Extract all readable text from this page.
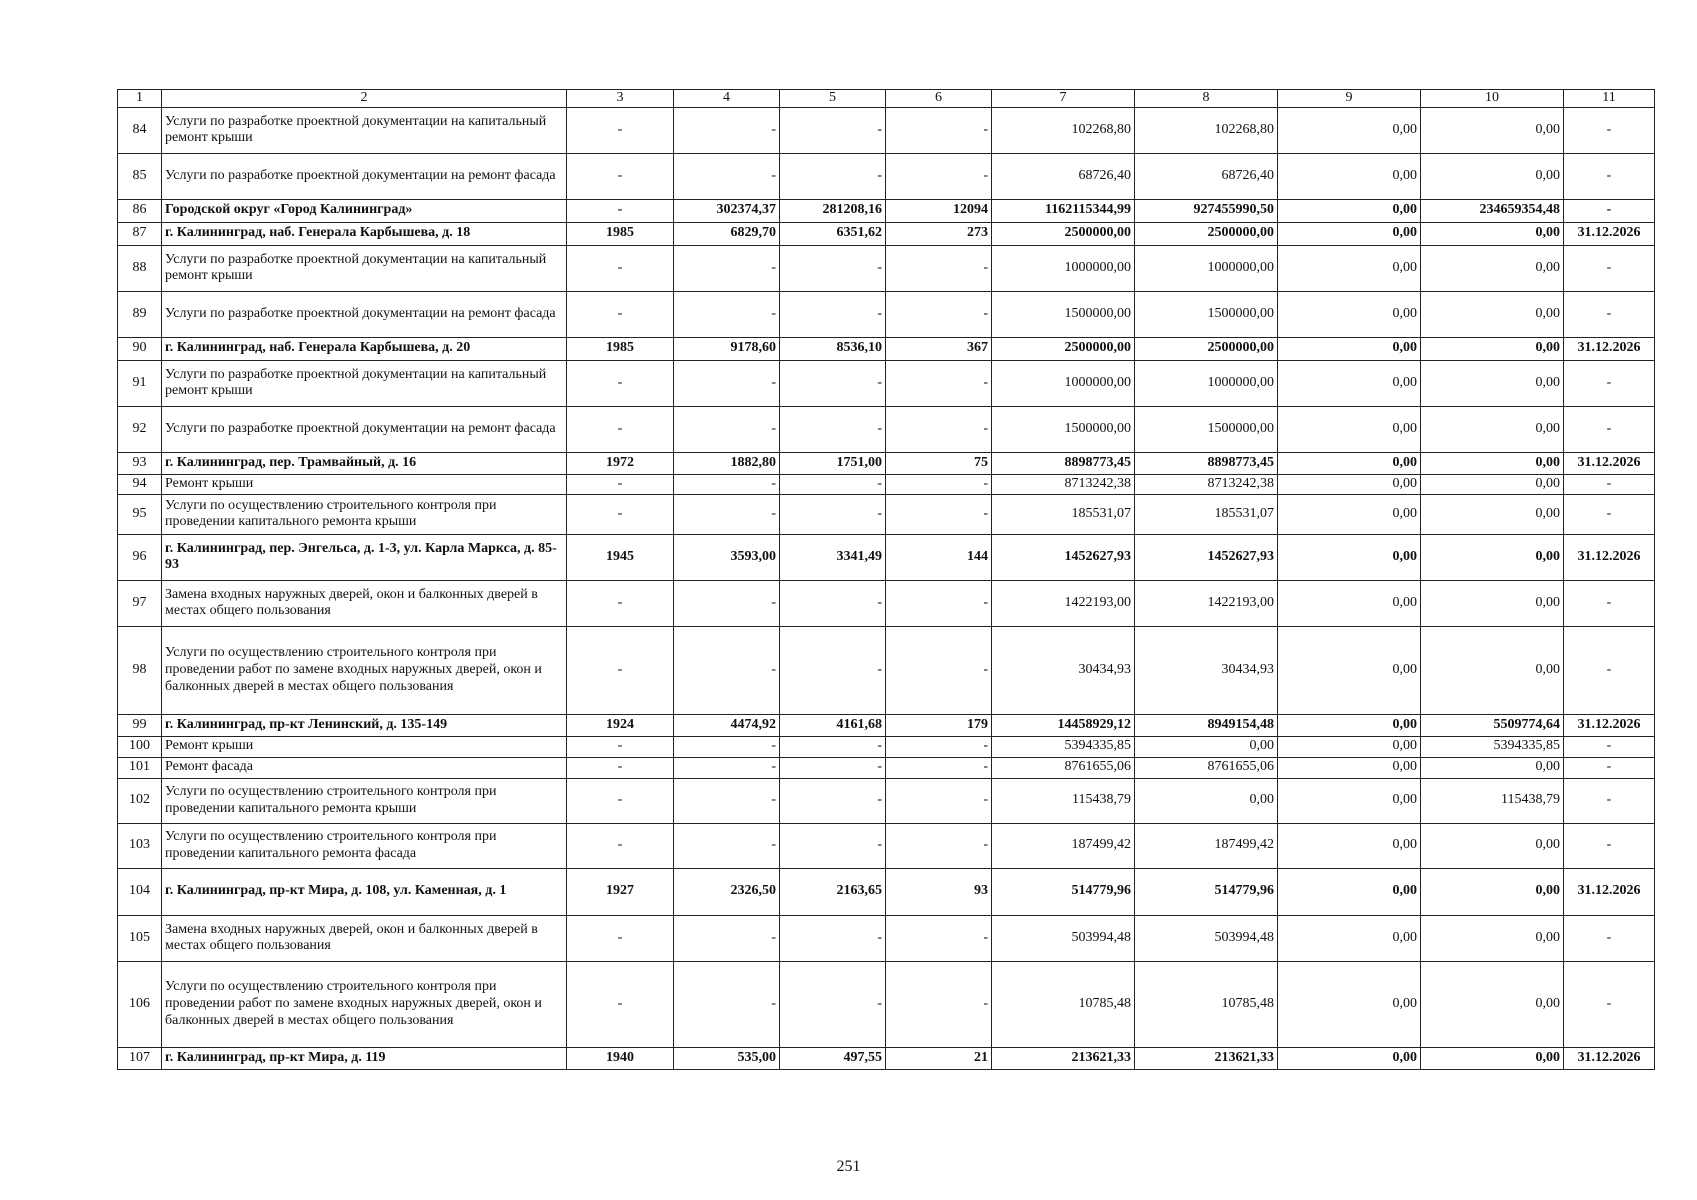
1	2	3	4	5	6	7	8	9	10	11
84	Услуги по разработке проектной документации на капитальный ремонт крыши	-	-	-	-	102268,80	102268,80	0,00	0,00	-
85	Услуги по разработке проектной документации на ремонт фасада	-	-	-	-	68726,40	68726,40	0,00	0,00	-
86	Городской округ «Город Калининград»	-	302374,37	281208,16	12094	1162115344,99	927455990,50	0,00	234659354,48	-
87	г. Калининград, наб. Генерала Карбышева, д. 18	1985	6829,70	6351,62	273	2500000,00	2500000,00	0,00	0,00	31.12.2026
88	Услуги по разработке проектной документации на капитальный ремонт крыши	-	-	-	-	1000000,00	1000000,00	0,00	0,00	-
89	Услуги по разработке проектной документации на ремонт фасада	-	-	-	-	1500000,00	1500000,00	0,00	0,00	-
90	г. Калининград, наб. Генерала Карбышева, д. 20	1985	9178,60	8536,10	367	2500000,00	2500000,00	0,00	0,00	31.12.2026
91	Услуги по разработке проектной документации на капитальный ремонт крыши	-	-	-	-	1000000,00	1000000,00	0,00	0,00	-
92	Услуги по разработке проектной документации на ремонт фасада	-	-	-	-	1500000,00	1500000,00	0,00	0,00	-
93	г. Калининград, пер. Трамвайный, д. 16	1972	1882,80	1751,00	75	8898773,45	8898773,45	0,00	0,00	31.12.2026
94	Ремонт крыши	-	-	-	-	8713242,38	8713242,38	0,00	0,00	-
95	Услуги по осуществлению строительного контроля при проведении капитального ремонта крыши	-	-	-	-	185531,07	185531,07	0,00	0,00	-
96	г. Калининград, пер. Энгельса, д. 1-3, ул. Карла Маркса, д. 85-93	1945	3593,00	3341,49	144	1452627,93	1452627,93	0,00	0,00	31.12.2026
97	Замена входных наружных дверей, окон и балконных дверей в местах общего пользования	-	-	-	-	1422193,00	1422193,00	0,00	0,00	-
98	Услуги по осуществлению строительного контроля при проведении работ по замене входных наружных дверей, окон и балконных дверей в местах общего пользования	-	-	-	-	30434,93	30434,93	0,00	0,00	-
99	г. Калининград, пр-кт Ленинский, д. 135-149	1924	4474,92	4161,68	179	14458929,12	8949154,48	0,00	5509774,64	31.12.2026
100	Ремонт крыши	-	-	-	-	5394335,85	0,00	0,00	5394335,85	-
101	Ремонт фасада	-	-	-	-	8761655,06	8761655,06	0,00	0,00	-
102	Услуги по осуществлению строительного контроля при проведении капитального ремонта крыши	-	-	-	-	115438,79	0,00	0,00	115438,79	-
103	Услуги по осуществлению строительного контроля при проведении капитального ремонта фасада	-	-	-	-	187499,42	187499,42	0,00	0,00	-
104	г. Калининград, пр-кт Мира, д. 108, ул. Каменная, д. 1	1927	2326,50	2163,65	93	514779,96	514779,96	0,00	0,00	31.12.2026
105	Замена входных наружных дверей, окон и балконных дверей в местах общего пользования	-	-	-	-	503994,48	503994,48	0,00	0,00	-
106	Услуги по осуществлению строительного контроля при проведении работ по замене входных наружных дверей, окон и балконных дверей в местах общего пользования	-	-	-	-	10785,48	10785,48	0,00	0,00	-
107	г. Калининград, пр-кт Мира, д. 119	1940	535,00	497,55	21	213621,33	213621,33	0,00	0,00	31.12.2026
251
